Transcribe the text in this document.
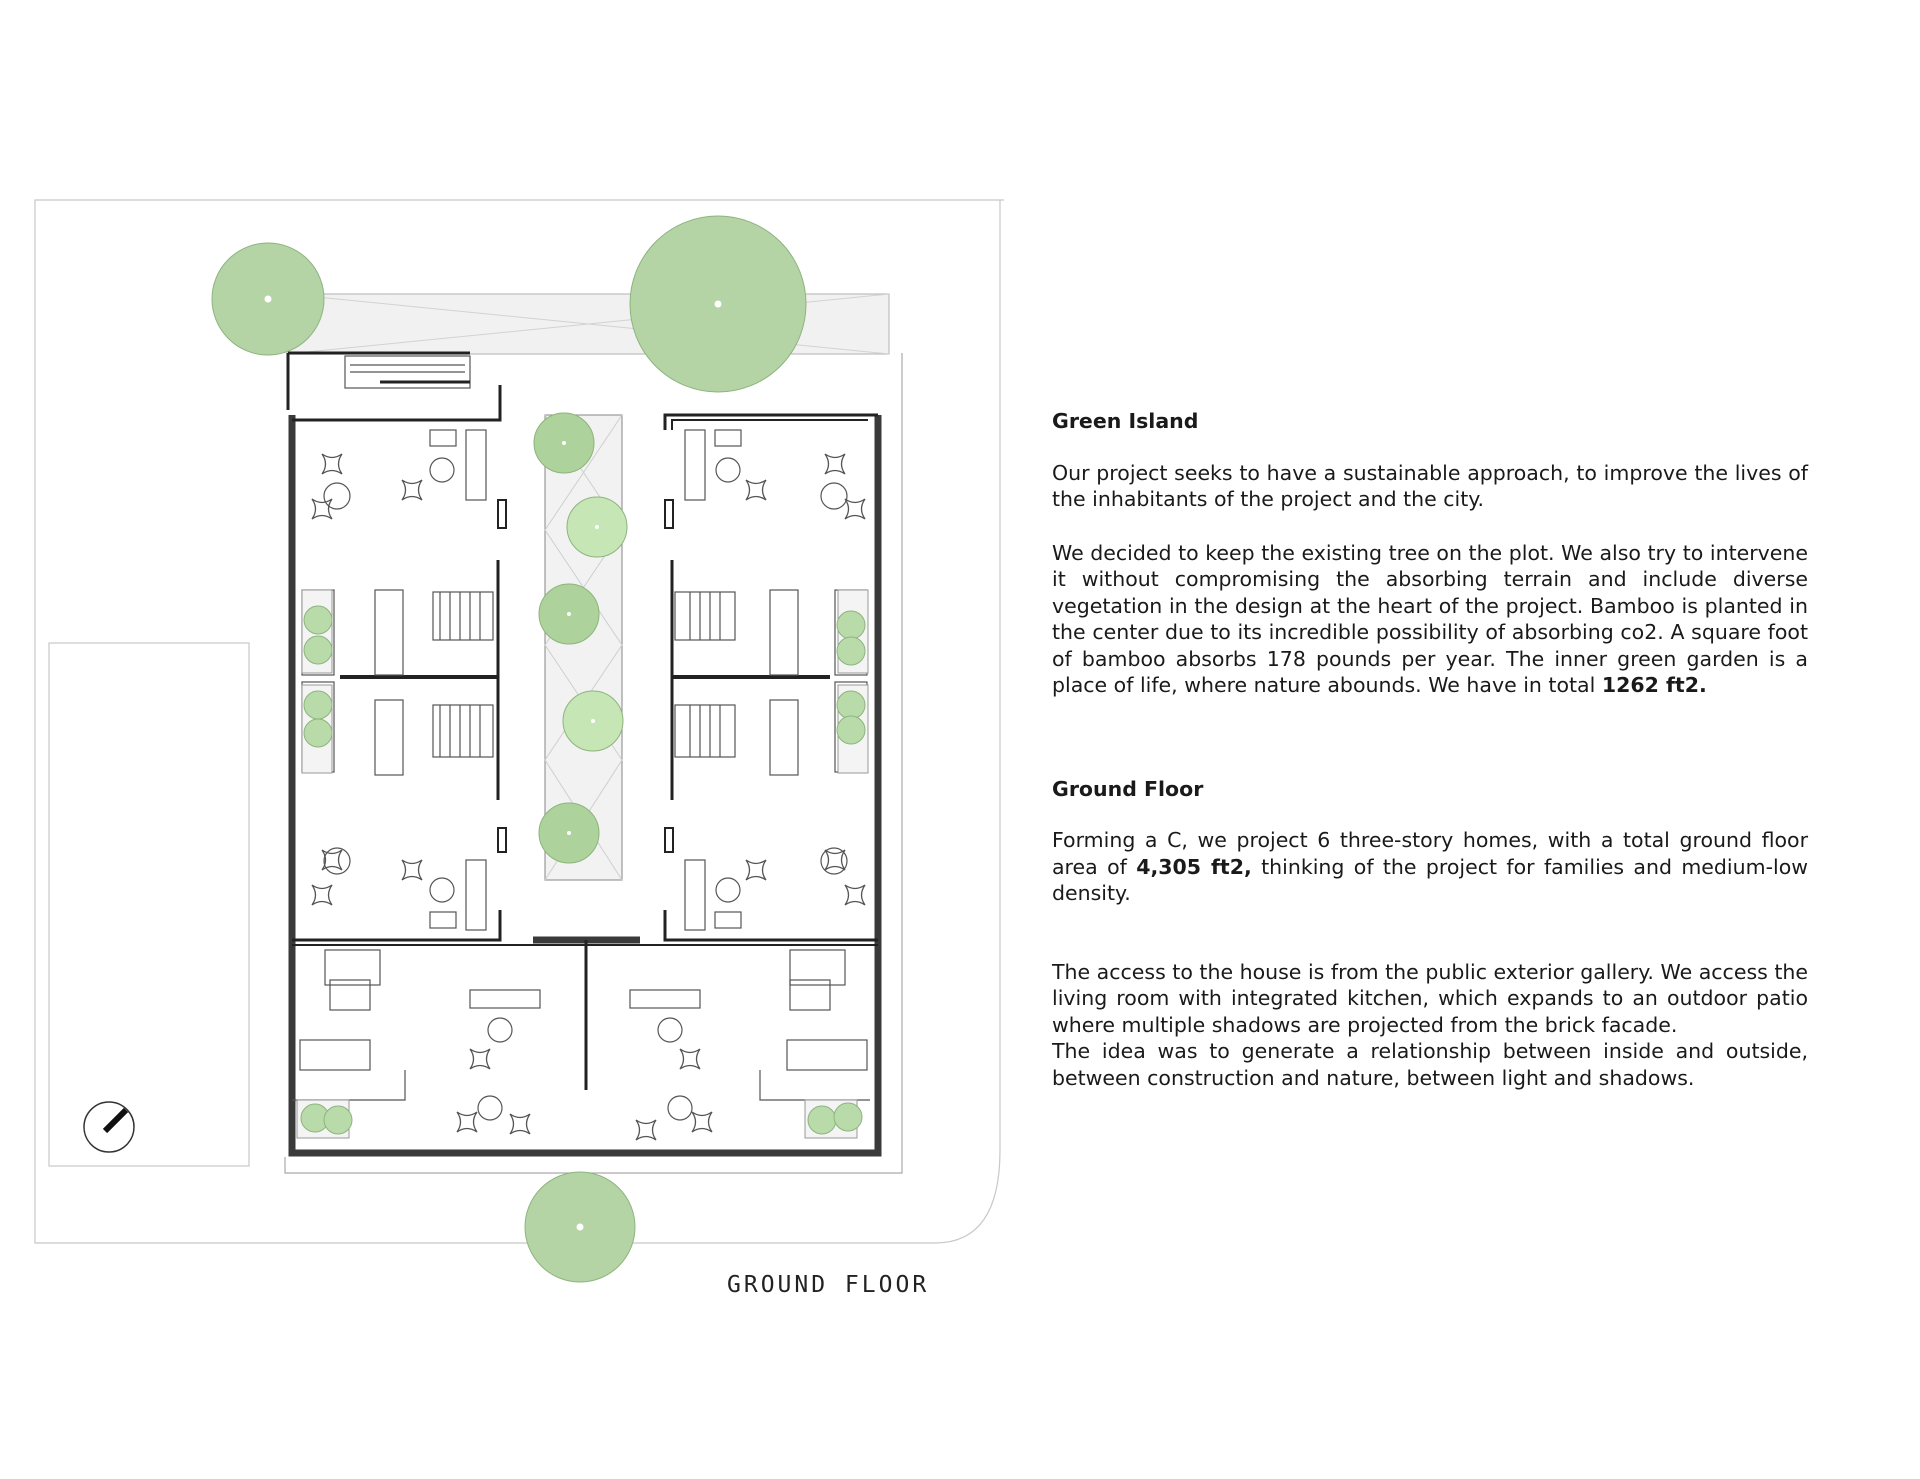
GROUND FLOOR
Green Island

Our project seeks to have a sustainable approach, to improve the lives of the inhabitants of the project and the city.

We decided to keep the existing tree on the plot. We also try to intervene it without compromising the absorbing terrain and include diverse vegetation in the design at the heart of the project. Bamboo is planted in the center due to its incredible possibility of absorbing co2. A square foot of bamboo absorbs 178 pounds per year. The inner green garden is a place of life, where nature abounds. We have in total 1262 ft2.

Ground Floor

Forming a C, we project 6 three-story homes, with a total ground floor area of 4,305 ft2, thinking of the project for families and medium-low density.

The access to the house is from the public exterior gallery. We access the living room with integrated kitchen, which expands to an outdoor patio where multiple shadows are projected from the brick facade.

The idea was to generate a relationship between inside and outside, between construction and nature, between light and shadows.
